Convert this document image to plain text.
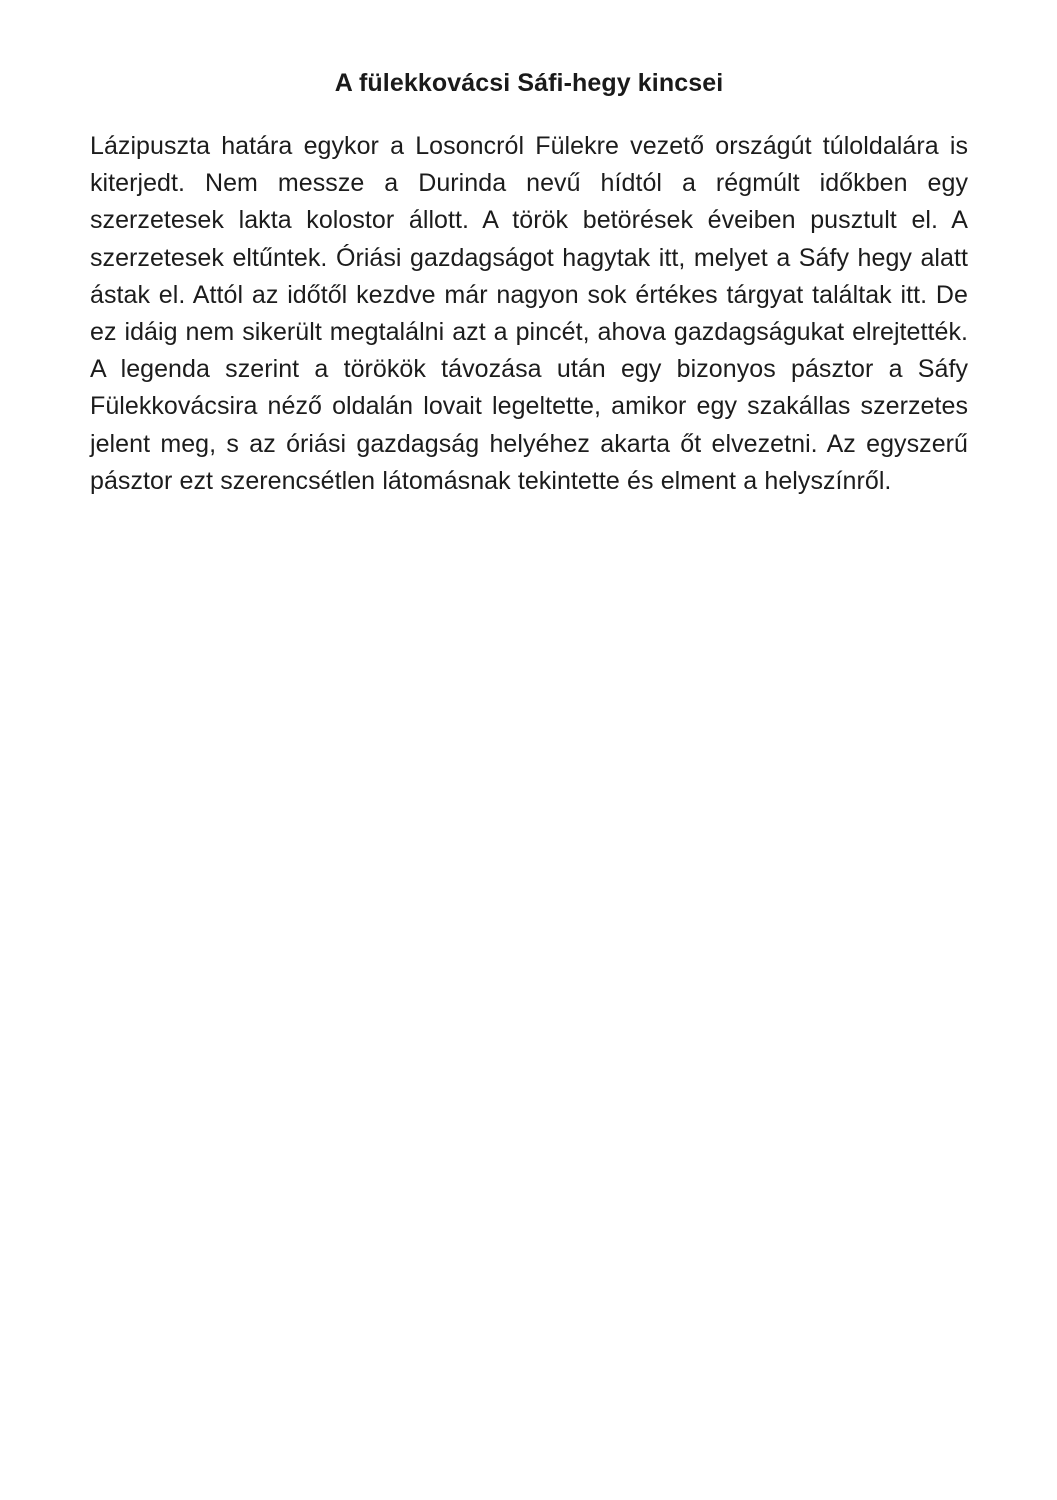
A fülekkovácsi Sáfi-hegy kincsei

Lázipuszta határa egykor a Losoncról Fülekre vezető országút túloldalára is kiterjedt. Nem messze a Durinda nevű hídtól a régmúlt időkben egy szerzetesek lakta kolostor állott. A török betörések éveiben pusztult el. A szerzetesek eltűntek. Óriási gazdagságot hagytak itt, melyet a Sáfy hegy alatt ástak el. Attól az időtől kezdve már nagyon sok értékes tárgyat találtak itt. De ez idáig nem sikerült megtalálni azt a pincét, ahova gazdagságukat elrejtették. A legenda szerint a törökök távozása után egy bizonyos pásztor a Sáfy Fülekkovácsira néző oldalán lovait legeltette, amikor egy szakállas szerzetes jelent meg, s az óriási gazdagság helyéhez akarta őt elvezetni. Az egyszerű pásztor ezt szerencsétlen látomásnak tekintette és elment a helyszínről.
